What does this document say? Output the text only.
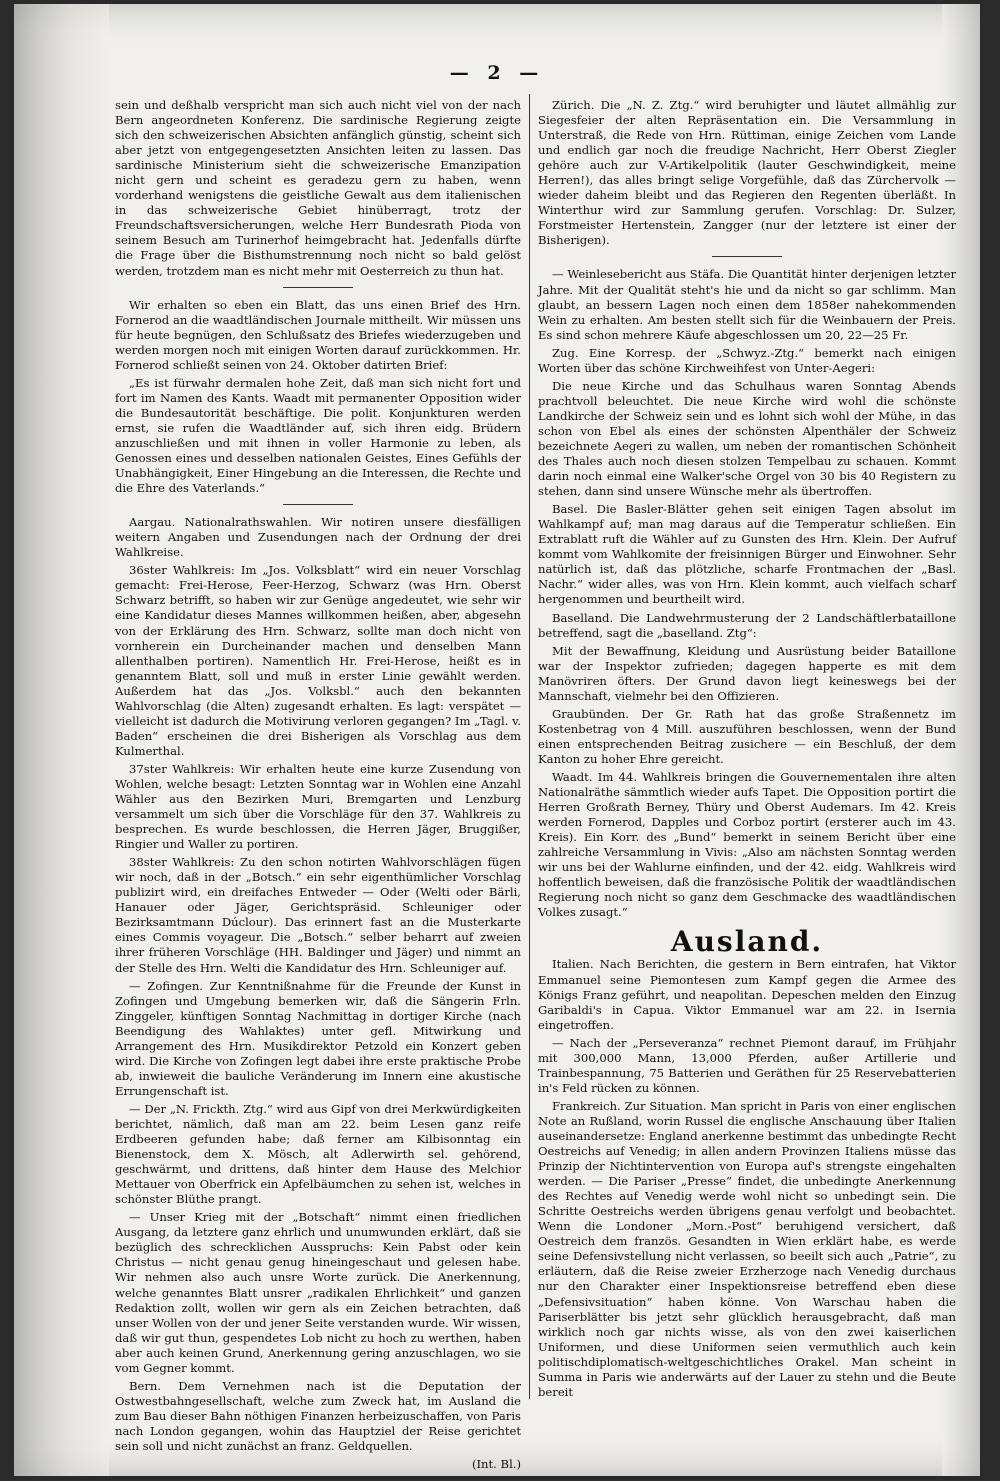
— 2 —

sein und deßhalb verspricht man sich auch nicht viel von der nach Bern angeordneten Konferenz. Die sardinische Regierung zeigte sich den schweizerischen Absichten anfänglich günstig, scheint sich aber jetzt von entgegengesetzten Ansichten leiten zu lassen. Das sardinische Ministerium sieht die schweizerische Emanzipation nicht gern und scheint es geradezu gern zu haben, wenn vorderhand wenigstens die geistliche Gewalt aus dem italienischen in das schweizerische Gebiet hinüberragt, trotz der Freundschaftsversicherungen, welche Herr Bundesrath Pioda von seinem Besuch am Turinerhof heimgebracht hat. Jedenfalls dürfte die Frage über die Bisthumstrennung noch nicht so bald gelöst werden, trotzdem man es nicht mehr mit Oesterreich zu thun hat.

Wir erhalten so eben ein Blatt, das uns einen Brief des Hrn. Fornerod an die waadtländischen Journale mittheilt. Wir müssen uns für heute begnügen, den Schlußsatz des Briefes wiederzugeben und werden morgen noch mit einigen Worten darauf zurückkommen. Hr. Fornerod schließt seinen von 24. Oktober datirten Brief:

„Es ist fürwahr dermalen hohe Zeit, daß man sich nicht fort und fort im Namen des Kants. Waadt mit permanenter Opposition wider die Bundesautorität beschäftige. Die polit. Konjunkturen werden ernst, sie rufen die Waadtländer auf, sich ihren eidg. Brüdern anzuschließen und mit ihnen in voller Harmonie zu leben, als Genossen eines und desselben nationalen Geistes, Eines Gefühls der Unabhängigkeit, Einer Hingebung an die Interessen, die Rechte und die Ehre des Vaterlands.“

Aargau. Nationalrathswahlen. Wir notiren unsere diesfälligen weitern Angaben und Zusendungen nach der Ordnung der drei Wahlkreise.

36ster Wahlkreis: Im „Jos. Volksblatt“ wird ein neuer Vorschlag gemacht: Frei-Herose, Feer-Herzog, Schwarz (was Hrn. Oberst Schwarz betrifft, so haben wir zur Genüge angedeutet, wie sehr wir eine Kandidatur dieses Mannes willkommen heißen, aber, abgesehn von der Erklärung des Hrn. Schwarz, sollte man doch nicht von vornherein ein Durcheinander machen und denselben Mann allenthalben portiren). Namentlich Hr. Frei-Herose, heißt es in genanntem Blatt, soll und muß in erster Linie gewählt werden. Außerdem hat das „Jos. Volksbl.“ auch den bekannten Wahlvorschlag (die Alten) zugesandt erhalten. Es lagt: verspätet — vielleicht ist dadurch die Motivirung verloren gegangen? Im „Tagl. v. Baden“ erscheinen die drei Bisherigen als Vorschlag aus dem Kulmerthal.

37ster Wahlkreis: Wir erhalten heute eine kurze Zusendung von Wohlen, welche besagt: Letzten Sonntag war in Wohlen eine Anzahl Wähler aus den Bezirken Muri, Bremgarten und Lenzburg versammelt um sich über die Vorschläge für den 37. Wahlkreis zu besprechen. Es wurde beschlossen, die Herren Jäger, Bruggißer, Ringier und Waller zu portiren.

38ster Wahlkreis: Zu den schon notirten Wahlvorschlägen fügen wir noch, daß in der „Botsch.“ ein sehr eigenthümlicher Vorschlag publizirt wird, ein dreifaches Entweder — Oder (Welti oder Bärli, Hanauer oder Jäger, Gerichtspräsid. Schleuniger oder Bezirksamtmann Dúclour). Das erinnert fast an die Musterkarte eines Commis voyageur. Die „Botsch.“ selber beharrt auf zweien ihrer früheren Vorschläge (HH. Baldinger und Jäger) und nimmt an der Stelle des Hrn. Welti die Kandidatur des Hrn. Schleuniger auf.

— Zofingen. Zur Kenntnißnahme für die Freunde der Kunst in Zofingen und Umgebung bemerken wir, daß die Sängerin Frln. Zinggeler, künftigen Sonntag Nachmittag in dortiger Kirche (nach Beendigung des Wahlaktes) unter gefl. Mitwirkung und Arrangement des Hrn. Musikdirektor Petzold ein Konzert geben wird. Die Kirche von Zofingen legt dabei ihre erste praktische Probe ab, inwieweit die bauliche Veränderung im Innern eine akustische Errungenschaft ist.

— Der „N. Frickth. Ztg.“ wird aus Gipf von drei Merkwürdigkeiten berichtet, nämlich, daß man am 22. beim Lesen ganz reife Erdbeeren gefunden habe; daß ferner am Kilbisonntag ein Bienenstock, dem X. Mösch, alt Adlerwirth sel. gehörend, geschwärmt, und drittens, daß hinter dem Hause des Melchior Mettauer von Oberfrick ein Apfelbäumchen zu sehen ist, welches in schönster Blüthe prangt.

— Unser Krieg mit der „Botschaft“ nimmt einen friedlichen Ausgang, da letztere ganz ehrlich und unumwunden erklärt, daß sie bezüglich des schrecklichen Ausspruchs: Kein Pabst oder kein Christus — nicht genau genug hineingeschaut und gelesen habe. Wir nehmen also auch unsre Worte zurück. Die Anerkennung, welche genanntes Blatt unsrer „radikalen Ehrlichkeit“ und ganzen Redaktion zollt, wollen wir gern als ein Zeichen betrachten, daß unser Wollen von der und jener Seite verstanden wurde. Wir wissen, daß wir gut thun, gespendetes Lob nicht zu hoch zu werthen, haben aber auch keinen Grund, Anerkennung gering anzuschlagen, wo sie vom Gegner kommt.

Bern. Dem Vernehmen nach ist die Deputation der Ostwestbahngesellschaft, welche zum Zweck hat, im Ausland die zum Bau dieser Bahn nöthigen Finanzen herbeizuschaffen, von Paris nach London gegangen, wohin das Hauptziel der Reise gerichtet sein soll und nicht zunächst an franz. Geldquellen.

(Int. Bl.)

Zürich. Die „N. Z. Ztg.“ wird beruhigter und läutet allmählig zur Siegesfeier der alten Repräsentation ein. Die Versammlung in Unterstraß, die Rede von Hrn. Rüttiman, einige Zeichen vom Lande und endlich gar noch die freudige Nachricht, Herr Oberst Ziegler gehöre auch zur V-Artikelpolitik (lauter Geschwindigkeit, meine Herren!), das alles bringt selige Vorgefühle, daß das Zürchervolk — wieder daheim bleibt und das Regieren den Regenten überläßt. In Winterthur wird zur Sammlung gerufen. Vorschlag: Dr. Sulzer, Forstmeister Hertenstein, Zangger (nur der letztere ist einer der Bisherigen).

— Weinlesebericht aus Stäfa. Die Quantität hinter derjenigen letzter Jahre. Mit der Qualität steht's hie und da nicht so gar schlimm. Man glaubt, an bessern Lagen noch einen dem 1858er nahekommenden Wein zu erhalten. Am besten stellt sich für die Weinbauern der Preis. Es sind schon mehrere Käufe abgeschlossen um 20, 22—25 Fr.

Zug. Eine Korresp. der „Schwyz.-Ztg.“ bemerkt nach einigen Worten über das schöne Kirchweihfest von Unter-Aegeri:

Die neue Kirche und das Schulhaus waren Sonntag Abends prachtvoll beleuchtet. Die neue Kirche wird wohl die schönste Landkirche der Schweiz sein und es lohnt sich wohl der Mühe, in das schon von Ebel als eines der schönsten Alpenthäler der Schweiz bezeichnete Aegeri zu wallen, um neben der romantischen Schönheit des Thales auch noch diesen stolzen Tempelbau zu schauen. Kommt darin noch einmal eine Walker'sche Orgel von 30 bis 40 Registern zu stehen, dann sind unsere Wünsche mehr als übertroffen.

Basel. Die Basler-Blätter gehen seit einigen Tagen absolut im Wahlkampf auf; man mag daraus auf die Temperatur schließen. Ein Extrablatt ruft die Wähler auf zu Gunsten des Hrn. Klein. Der Aufruf kommt vom Wahlkomite der freisinnigen Bürger und Einwohner. Sehr natürlich ist, daß das plötzliche, scharfe Frontmachen der „Basl. Nachr.“ wider alles, was von Hrn. Klein kommt, auch vielfach scharf hergenommen und beurtheilt wird.

Baselland. Die Landwehrmusterung der 2 Landschäftlerbataillone betreffend, sagt die „baselland. Ztg“:

Mit der Bewaffnung, Kleidung und Ausrüstung beider Bataillone war der Inspektor zufrieden; dagegen happerte es mit dem Manövriren öfters. Der Grund davon liegt keineswegs bei der Mannschaft, vielmehr bei den Offizieren.

Graubünden. Der Gr. Rath hat das große Straßennetz im Kostenbetrag von 4 Mill. auszuführen beschlossen, wenn der Bund einen entsprechenden Beitrag zusichere — ein Beschluß, der dem Kanton zu hoher Ehre gereicht.

Waadt. Im 44. Wahlkreis bringen die Gouvernementalen ihre alten Nationalräthe sämmtlich wieder aufs Tapet. Die Opposition portirt die Herren Großrath Berney, Thüry und Oberst Audemars. Im 42. Kreis werden Fornerod, Dapples und Corboz portirt (ersterer auch im 43. Kreis). Ein Korr. des „Bund“ bemerkt in seinem Bericht über eine zahlreiche Versammlung in Vivis: „Also am nächsten Sonntag werden wir uns bei der Wahlurne einfinden, und der 42. eidg. Wahlkreis wird hoffentlich beweisen, daß die französische Politik der waadtländischen Regierung noch nicht so ganz dem Geschmacke des waadtländischen Volkes zusagt.“

Ausland.

Italien. Nach Berichten, die gestern in Bern eintrafen, hat Viktor Emmanuel seine Piemontesen zum Kampf gegen die Armee des Königs Franz geführt, und neapolitan. Depeschen melden den Einzug Garibaldi's in Capua. Viktor Emmanuel war am 22. in Isernia eingetroffen.

— Nach der „Perseveranza“ rechnet Piemont darauf, im Frühjahr mit 300,000 Mann, 13,000 Pferden, außer Artillerie und Trainbespannung, 75 Batterien und Geräthen für 25 Reservebatterien in's Feld rücken zu können.

Frankreich. Zur Situation. Man spricht in Paris von einer englischen Note an Rußland, worin Russel die englische Anschauung über Italien auseinandersetze: England anerkenne bestimmt das unbedingte Recht Oestreichs auf Venedig; in allen andern Provinzen Italiens müsse das Prinzip der Nichtintervention von Europa auf's strengste eingehalten werden. — Die Pariser „Presse“ findet, die unbedingte Anerkennung des Rechtes auf Venedig werde wohl nicht so unbedingt sein. Die Schritte Oestreichs werden übrigens genau verfolgt und beobachtet. Wenn die Londoner „Morn.-Post“ beruhigend versichert, daß Oestreich dem französ. Gesandten in Wien erklärt habe, es werde seine Defensivstellung nicht verlassen, so beeilt sich auch „Patrie“, zu erläutern, daß die Reise zweier Erzherzoge nach Venedig durchaus nur den Charakter einer Inspektionsreise betreffend eben diese „Defensivsituation“ haben könne. Von Warschau haben die Pariserblätter bis jetzt sehr glücklich herausgebracht, daß man wirklich noch gar nichts wisse, als von den zwei kaiserlichen Uniformen, und diese Uniformen seien vermuthlich auch kein politischdiplomatisch-weltgeschichtliches Orakel. Man scheint in Summa in Paris wie anderwärts auf der Lauer zu stehn und die Beute bereit
